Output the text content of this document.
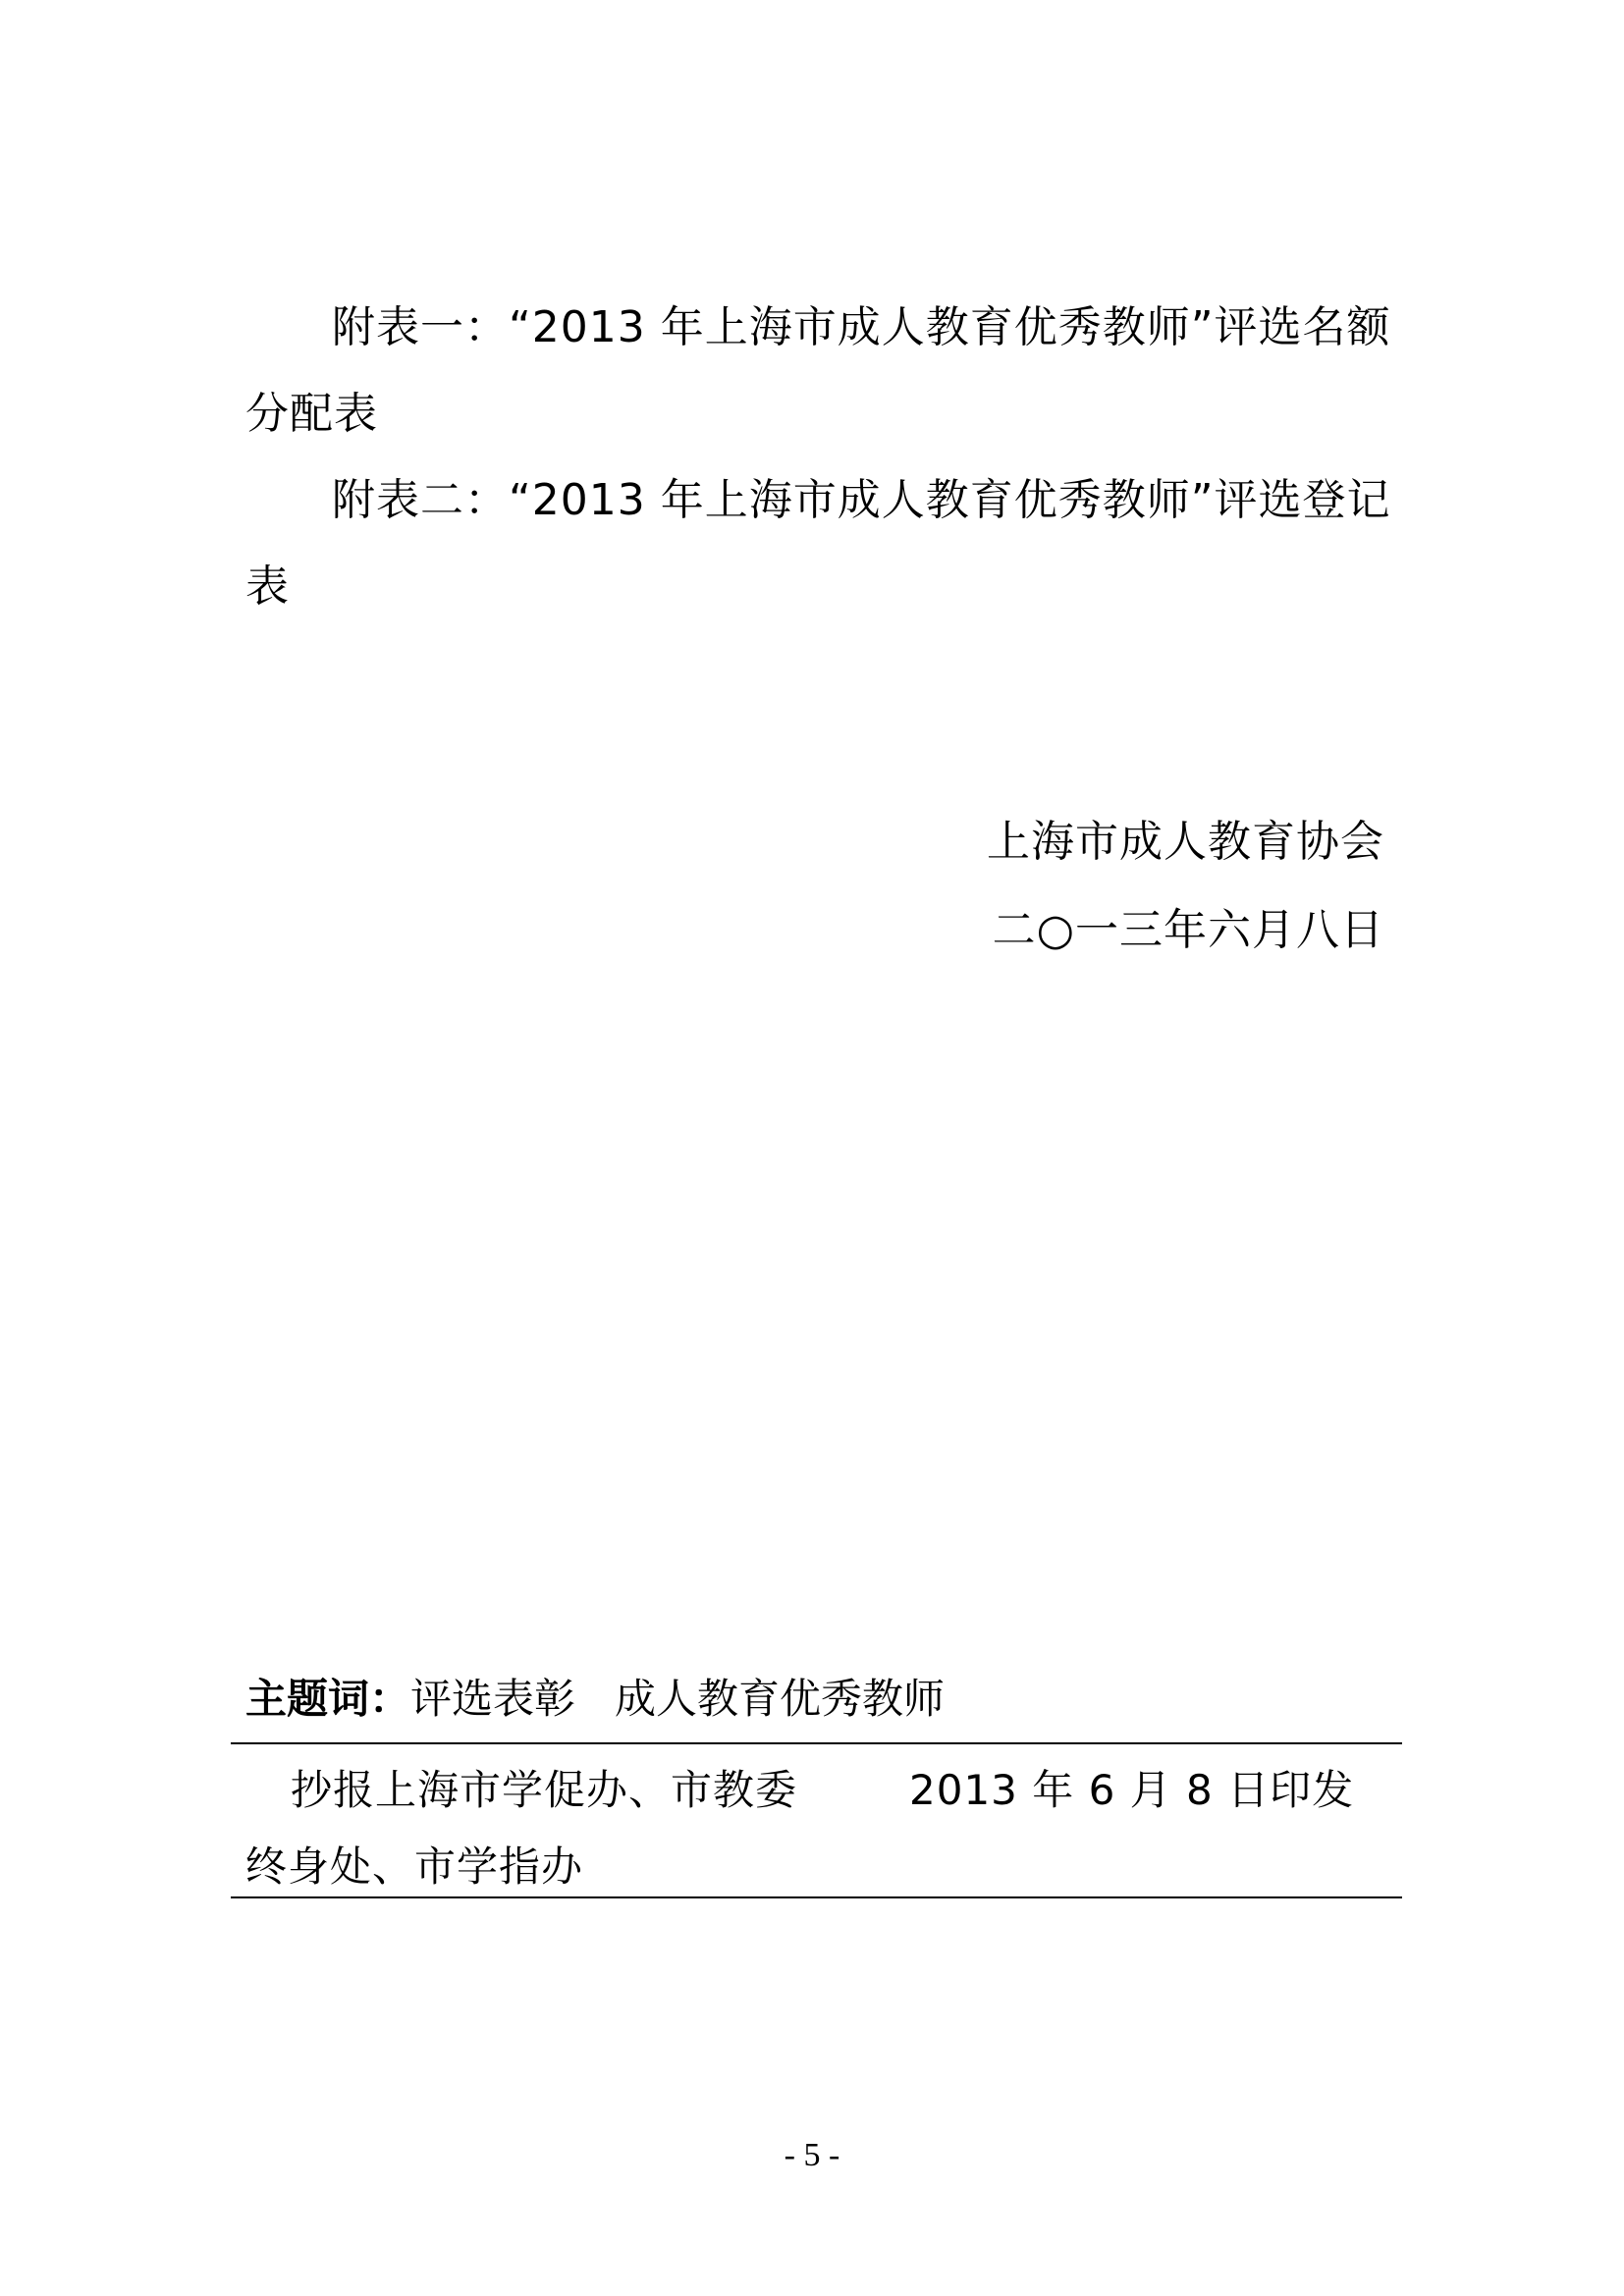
附表一：“2013 年上海市成人教育优秀教师”评选名额
分配表
附表二：“2013 年上海市成人教育优秀教师”评选登记
表
上海市成人教育协会
二○一三年六月八日
主题词：评选表彰 成人教育优秀教师
抄报上海市学促办、市教委	2013 年 6 月 8 日印发
终身处、市学指办
- 5 -
